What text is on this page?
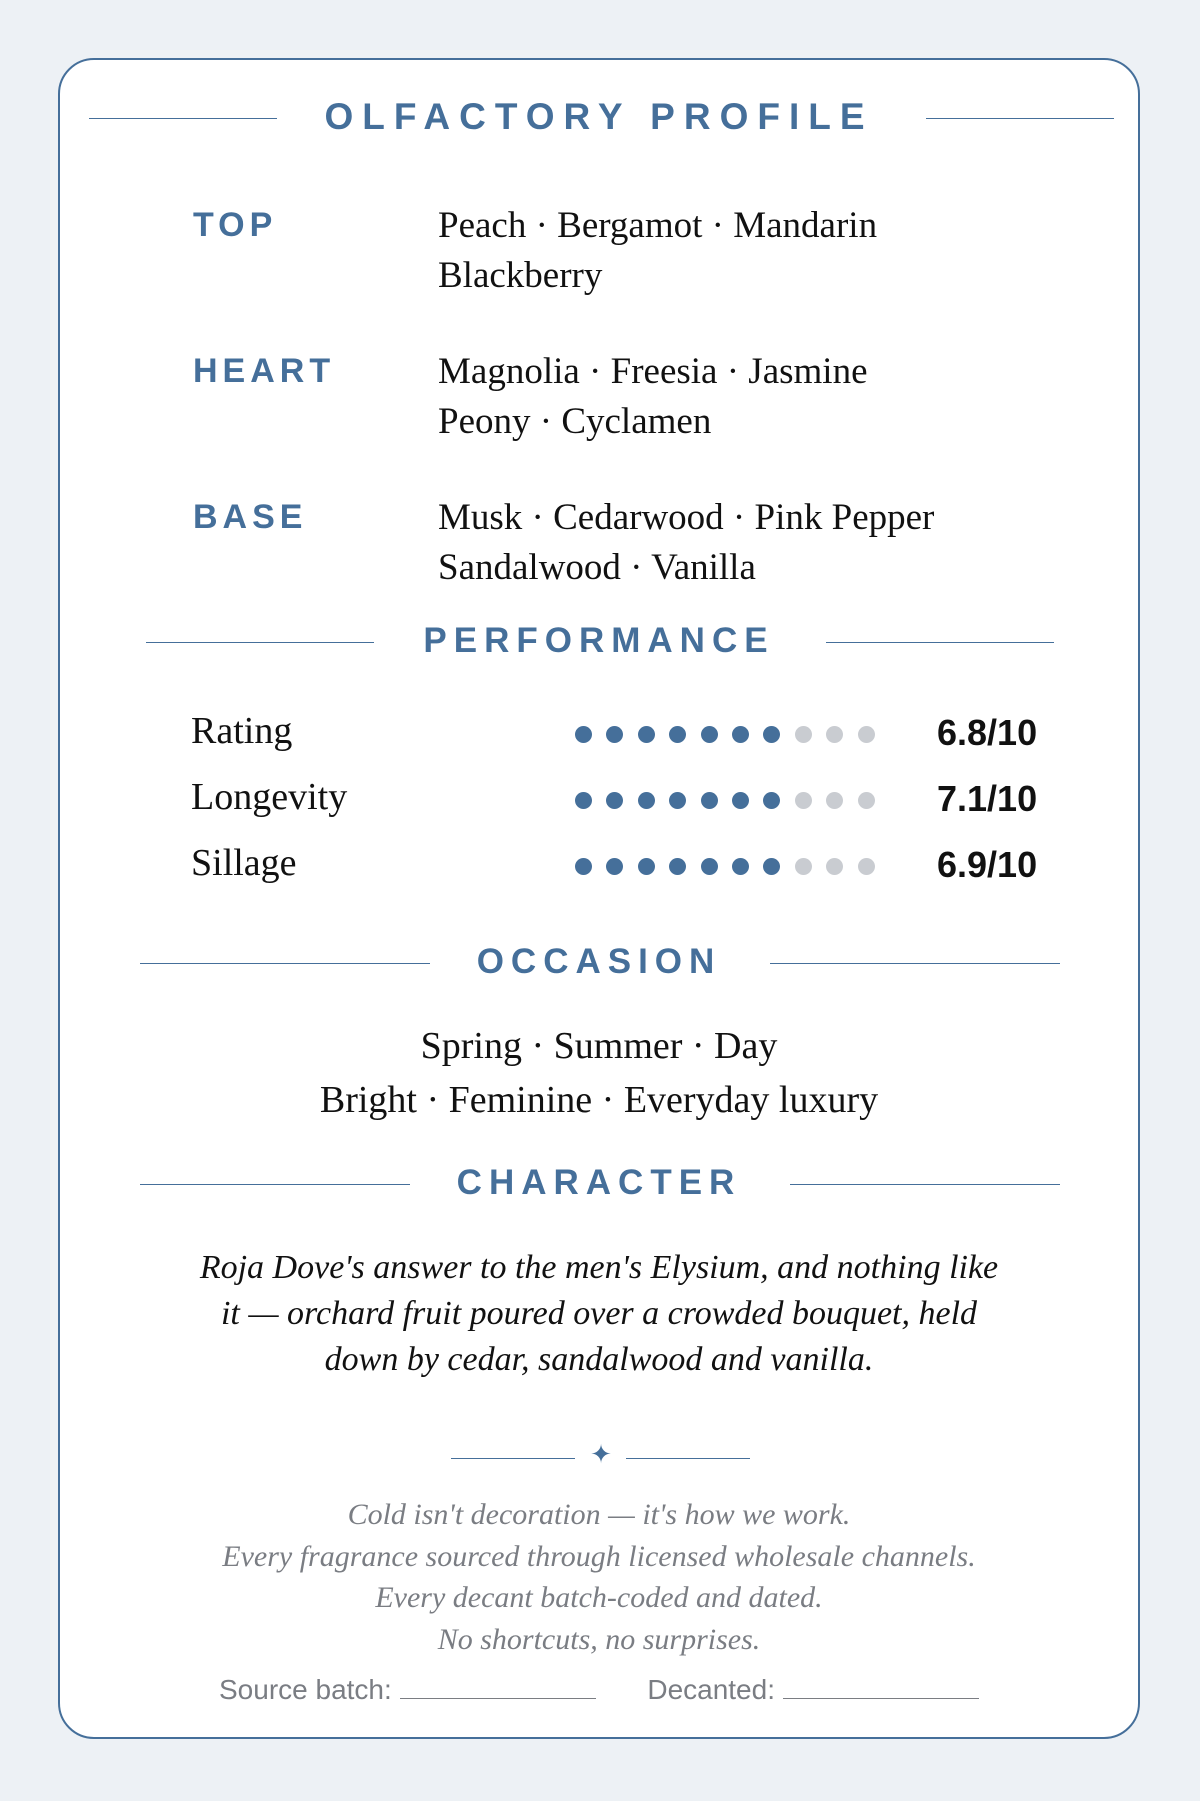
OLFACTORY PROFILE
TOP	Peach · Bergamot · Mandarin
Blackberry
HEART	Magnolia · Freesia · Jasmine
Peony · Cyclamen
BASE	Musk · Cedarwood · Pink Pepper
Sandalwood · Vanilla
PERFORMANCE
Rating	6.8/10
Longevity	7.1/10
Sillage	6.9/10
OCCASION
Spring · Summer · Day
Bright · Feminine · Everyday luxury
CHARACTER
Roja Dove's answer to the men's Elysium, and nothing like
it — orchard fruit poured over a crowded bouquet, held
down by cedar, sandalwood and vanilla.
✦
Cold isn't decoration — it's how we work.
Every fragrance sourced through licensed wholesale channels.
Every decant batch-coded and dated.
No shortcuts, no surprises.
Source batch:	Decanted:
